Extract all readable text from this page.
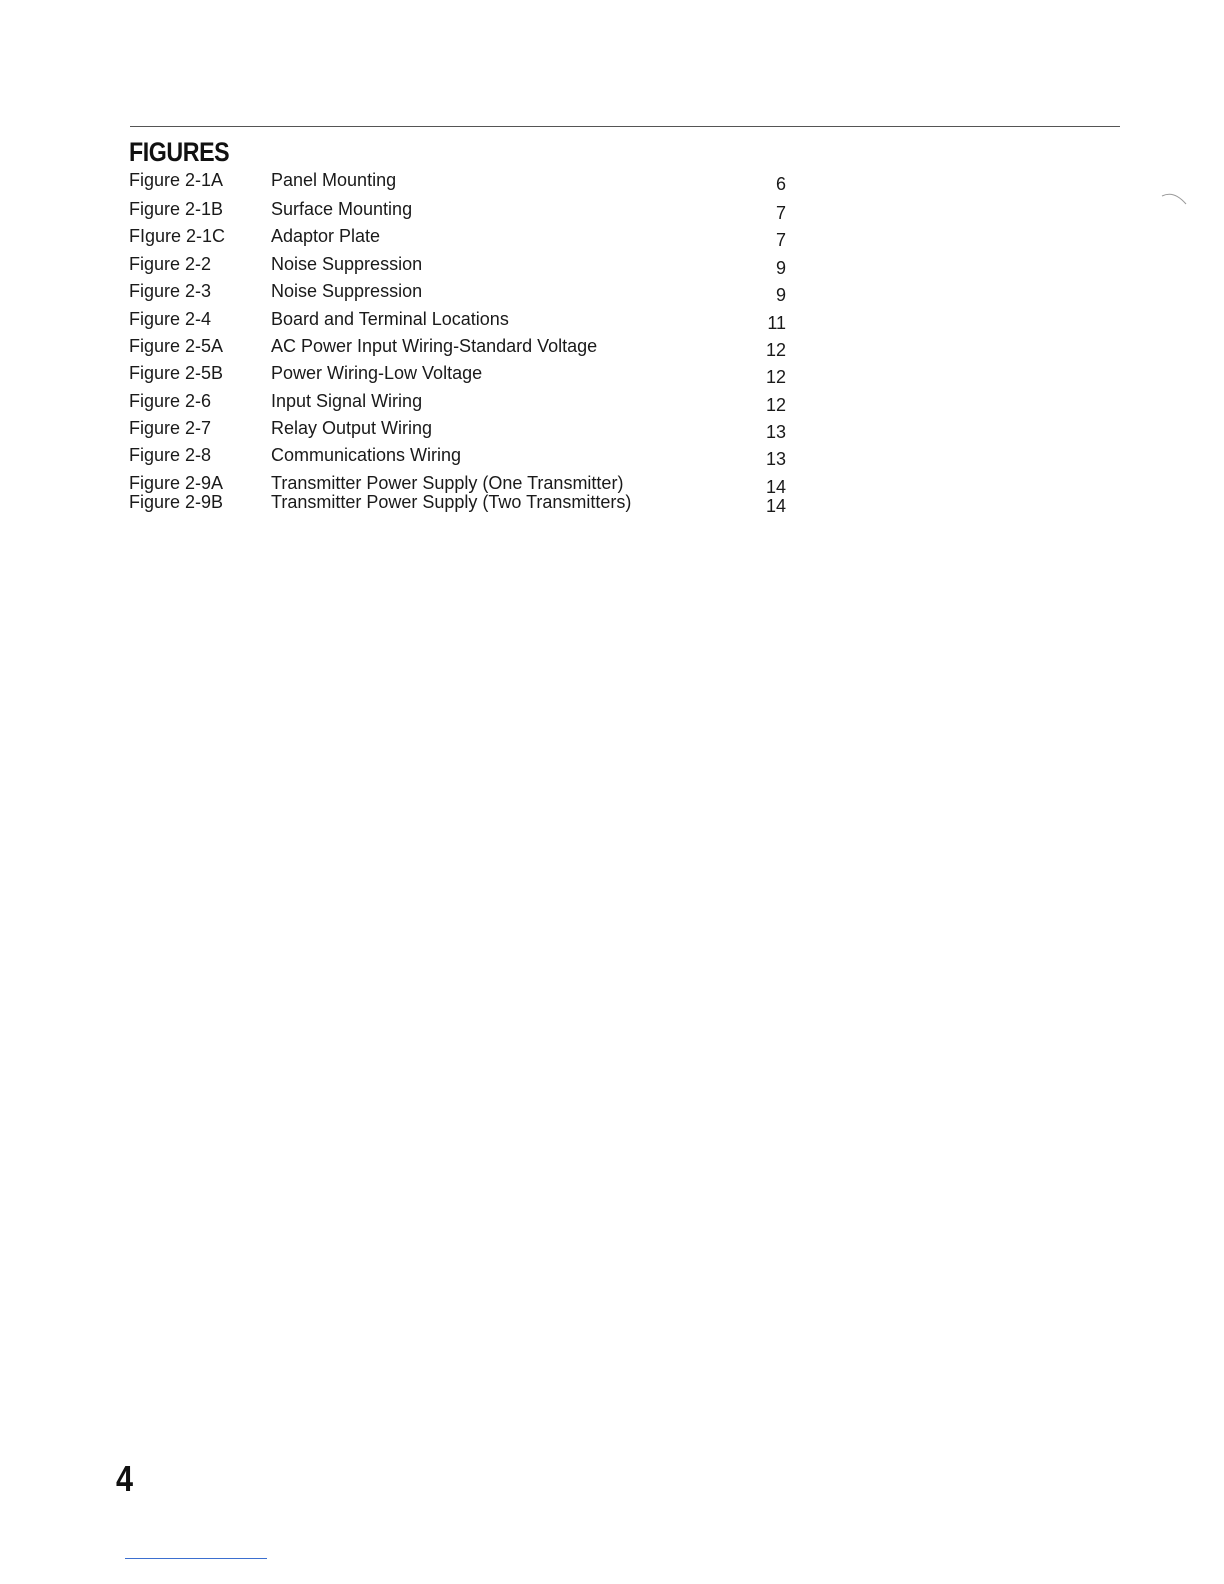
FIGURES
Figure 2-1A	Panel Mounting	6
Figure 2-1B	Surface Mounting	7
FIgure 2-1C	Adaptor Plate	7
Figure 2-2	Noise Suppression	9
Figure 2-3	Noise Suppression	9
Figure 2-4	Board and Terminal Locations	11
Figure 2-5A	AC Power Input Wiring-Standard Voltage	12
Figure 2-5B	Power Wiring-Low Voltage	12
Figure 2-6	Input Signal Wiring	12
Figure 2-7	Relay Output Wiring	13
Figure 2-8	Communications Wiring	13
Figure 2-9A	Transmitter Power Supply (One Transmitter)	14
Figure 2-9B	Transmitter Power Supply (Two Transmitters)	14
4
